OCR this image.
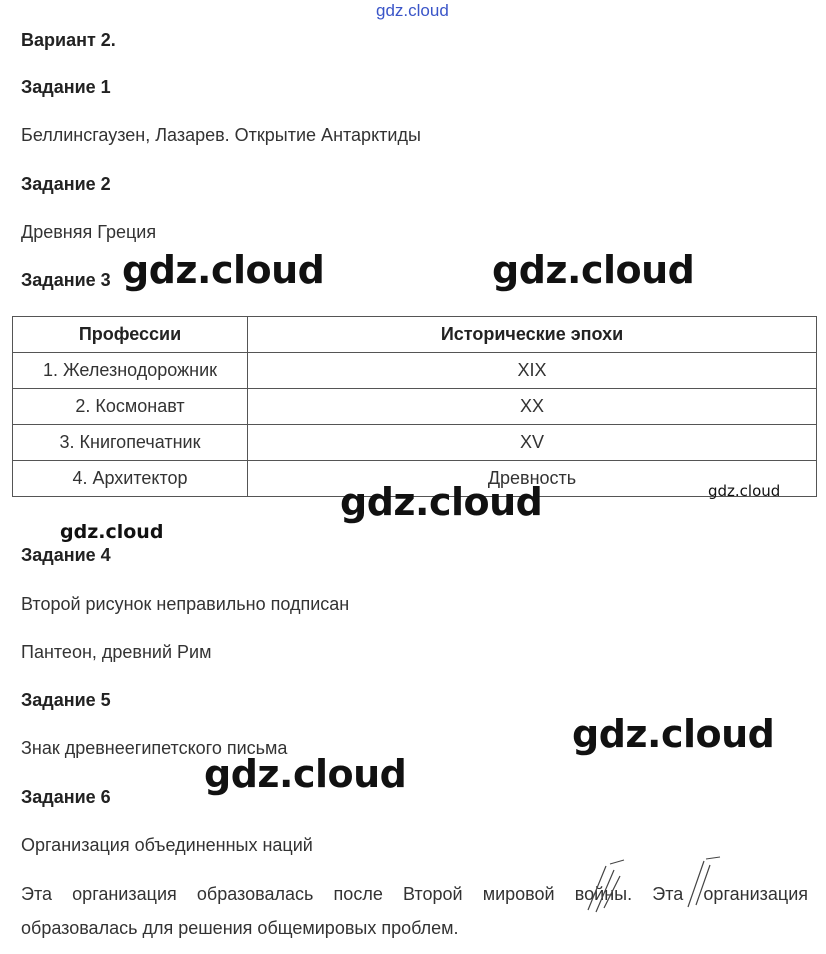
gdz.cloud
Вариант 2.
Задание 1
Беллинсгаузен, Лазарев. Открытие Антарктиды
Задание 2
Древняя Греция
Задание 3
Профессии	Исторические эпохи
1. Железнодорожник	XIX
2. Космонавт	XX
3. Книгопечатник	XV
4. Архитектор	Древность
Задание 4
Второй рисунок неправильно подписан
Пантеон, древний Рим
Задание 5
Знак древнеегипетского письма
Задание 6
Организация объединенных наций
Эта организация образовалась после Второй мировой войны. Эта организация образовалась для решения общемировых проблем.
gdz.cloud	gdz.cloud
gdz.cloud	gdz.cloud
gdz.cloud
gdz.cloud
gdz.cloud
